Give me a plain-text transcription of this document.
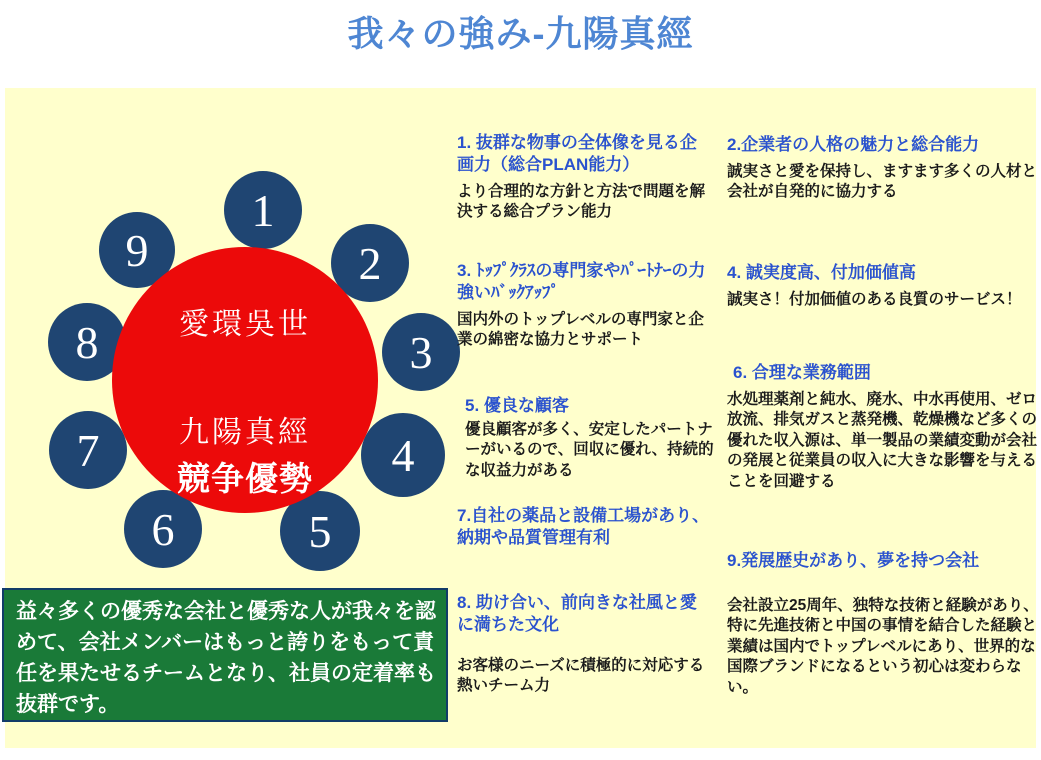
我々の強み-九陽真經
1
2
3
4
5
6
7
8
9
愛環吳世
九陽真經
競争優勢
1. 抜群な物事の全体像を見る企画力（総合PLAN能力）
より合理的な方針と方法で問題を解決する総合プラン能力
3. ﾄｯﾌﾟｸﾗｽの専門家やﾊﾟｰﾄﾅｰの力強いﾊﾞｯｸｱｯﾌﾟ
国内外のトップレベルの専門家と企業の綿密な協力とサポート
5. 優良な顧客
優良顧客が多く、安定したパートナーがいるので、回収に優れ、持続的な収益力がある
7.自社の薬品と設備工場があり、納期や品質管理有利
8. 助け合い、前向きな社風と愛に満ちた文化
お客様のニーズに積極的に対応する熱いチーム力
2.企業者の人格の魅力と総合能力
誠実さと愛を保持し、ますます多くの人材と会社が自発的に協力する
4. 誠実度高、付加価値高
誠実さ！付加価値のある良質のサービス！
6. 合理な業務範囲
水処理薬剤と純水、廃水、中水再使用、ゼロ放流、排気ガスと蒸発機、乾燥機など多くの優れた収入源は、単一製品の業績変動が会社の発展と従業員の収入に大きな影響を与えることを回避する
9.発展歴史があり、夢を持つ会社
会社設立25周年、独特な技術と経験があり、特に先進技術と中国の事情を結合した経験と業績は国内でトップレベルにあり、世界的な国際ブランドになるという初心は変わらない。
益々多くの優秀な会社と優秀な人が我々を認めて、会社メンバーはもっと誇りをもって責任を果たせるチームとなり、社員の定着率も抜群です。
